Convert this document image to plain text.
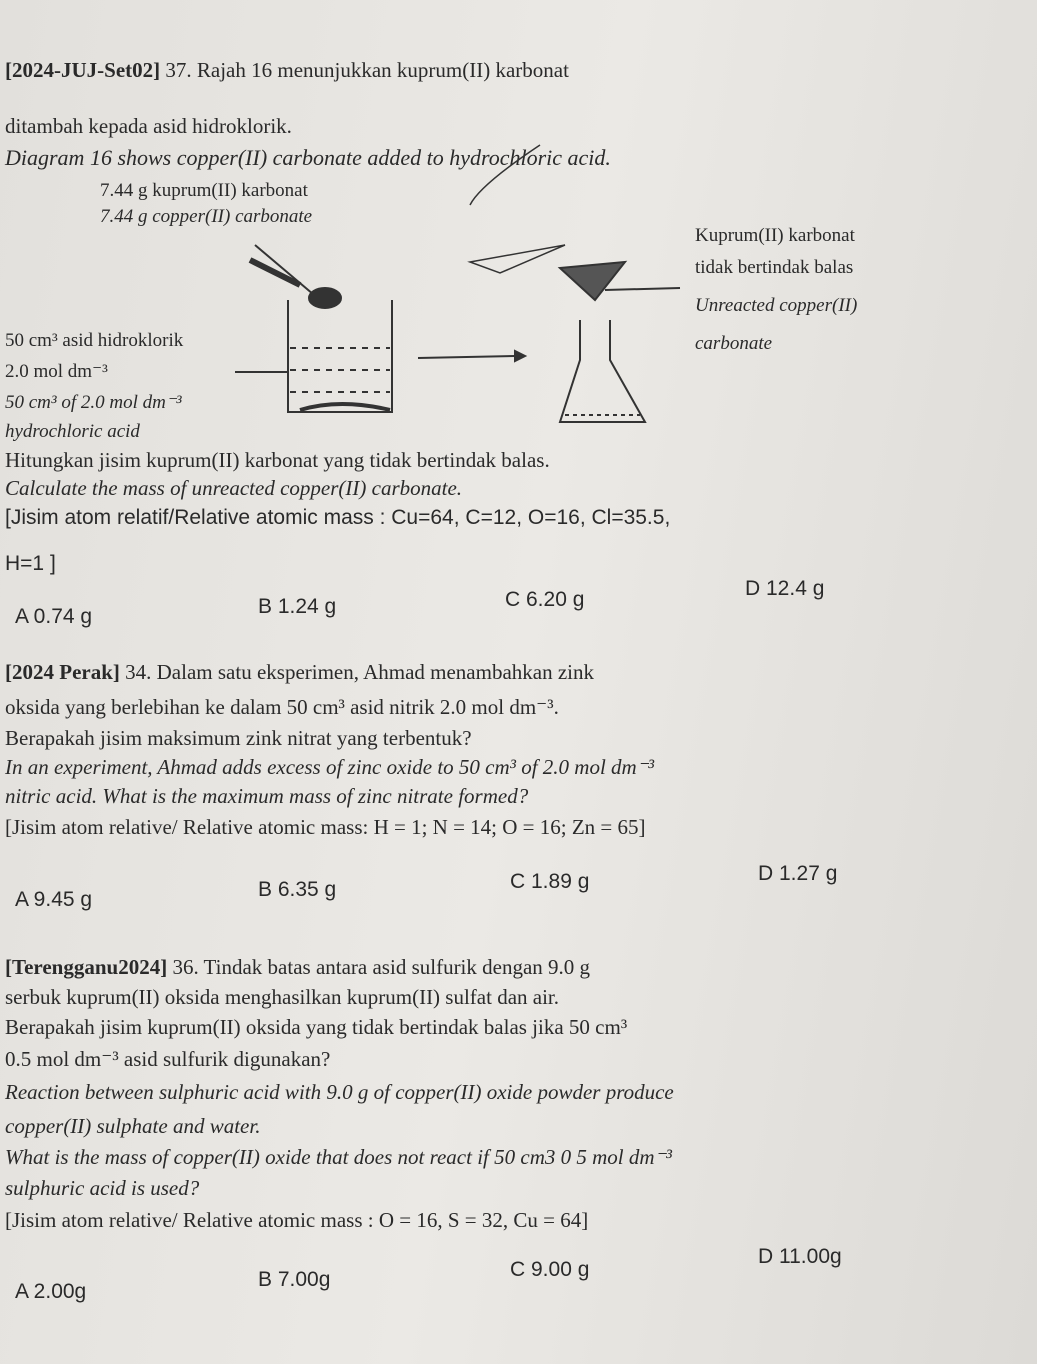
[2024-JUJ-Set02] 37. Rajah 16 menunjukkan kuprum(II) karbonat
ditambah kepada asid hidroklorik.
Diagram 16 shows copper(II) carbonate added to hydrochloric acid.
7.44 g kuprum(II) karbonat
7.44 g copper(II) carbonate
50 cm³ asid hidroklorik
2.0 mol dm⁻³
50 cm³ of 2.0 mol dm⁻³
hydrochloric acid
Kuprum(II) karbonat
tidak bertindak balas
Unreacted copper(II)
carbonate
Hitungkan jisim kuprum(II) karbonat yang tidak bertindak balas.
Calculate the mass of unreacted copper(II) carbonate.
[Jisim atom relatif/Relative atomic mass : Cu=64, C=12, O=16, Cl=35.5,
H=1 ]
A 0.74 g	B 1.24 g	C 6.20 g	D 12.4 g
[2024 Perak] 34. Dalam satu eksperimen, Ahmad menambahkan zink
oksida yang berlebihan ke dalam 50 cm³ asid nitrik 2.0 mol dm⁻³.
Berapakah jisim maksimum zink nitrat yang terbentuk?
In an experiment, Ahmad adds excess of zinc oxide to 50 cm³ of 2.0 mol dm⁻³
nitric acid. What is the maximum mass of zinc nitrate formed?
[Jisim atom relative/ Relative atomic mass: H = 1; N = 14; O = 16; Zn = 65]
A 9.45 g	B 6.35 g	C 1.89 g	D 1.27 g
[Terengganu2024] 36. Tindak batas antara asid sulfurik dengan 9.0 g
serbuk kuprum(II) oksida menghasilkan kuprum(II) sulfat dan air.
Berapakah jisim kuprum(II) oksida yang tidak bertindak balas jika 50 cm³
0.5 mol dm⁻³ asid sulfurik digunakan?
Reaction between sulphuric acid with 9.0 g of copper(II) oxide powder produce
copper(II) sulphate and water.
What is the mass of copper(II) oxide that does not react if 50 cm3 0 5 mol dm⁻³
sulphuric acid is used?
[Jisim atom relative/ Relative atomic mass : O = 16, S = 32, Cu = 64]
A 2.00g
B 7.00g	C 9.00 g
D 11.00g
